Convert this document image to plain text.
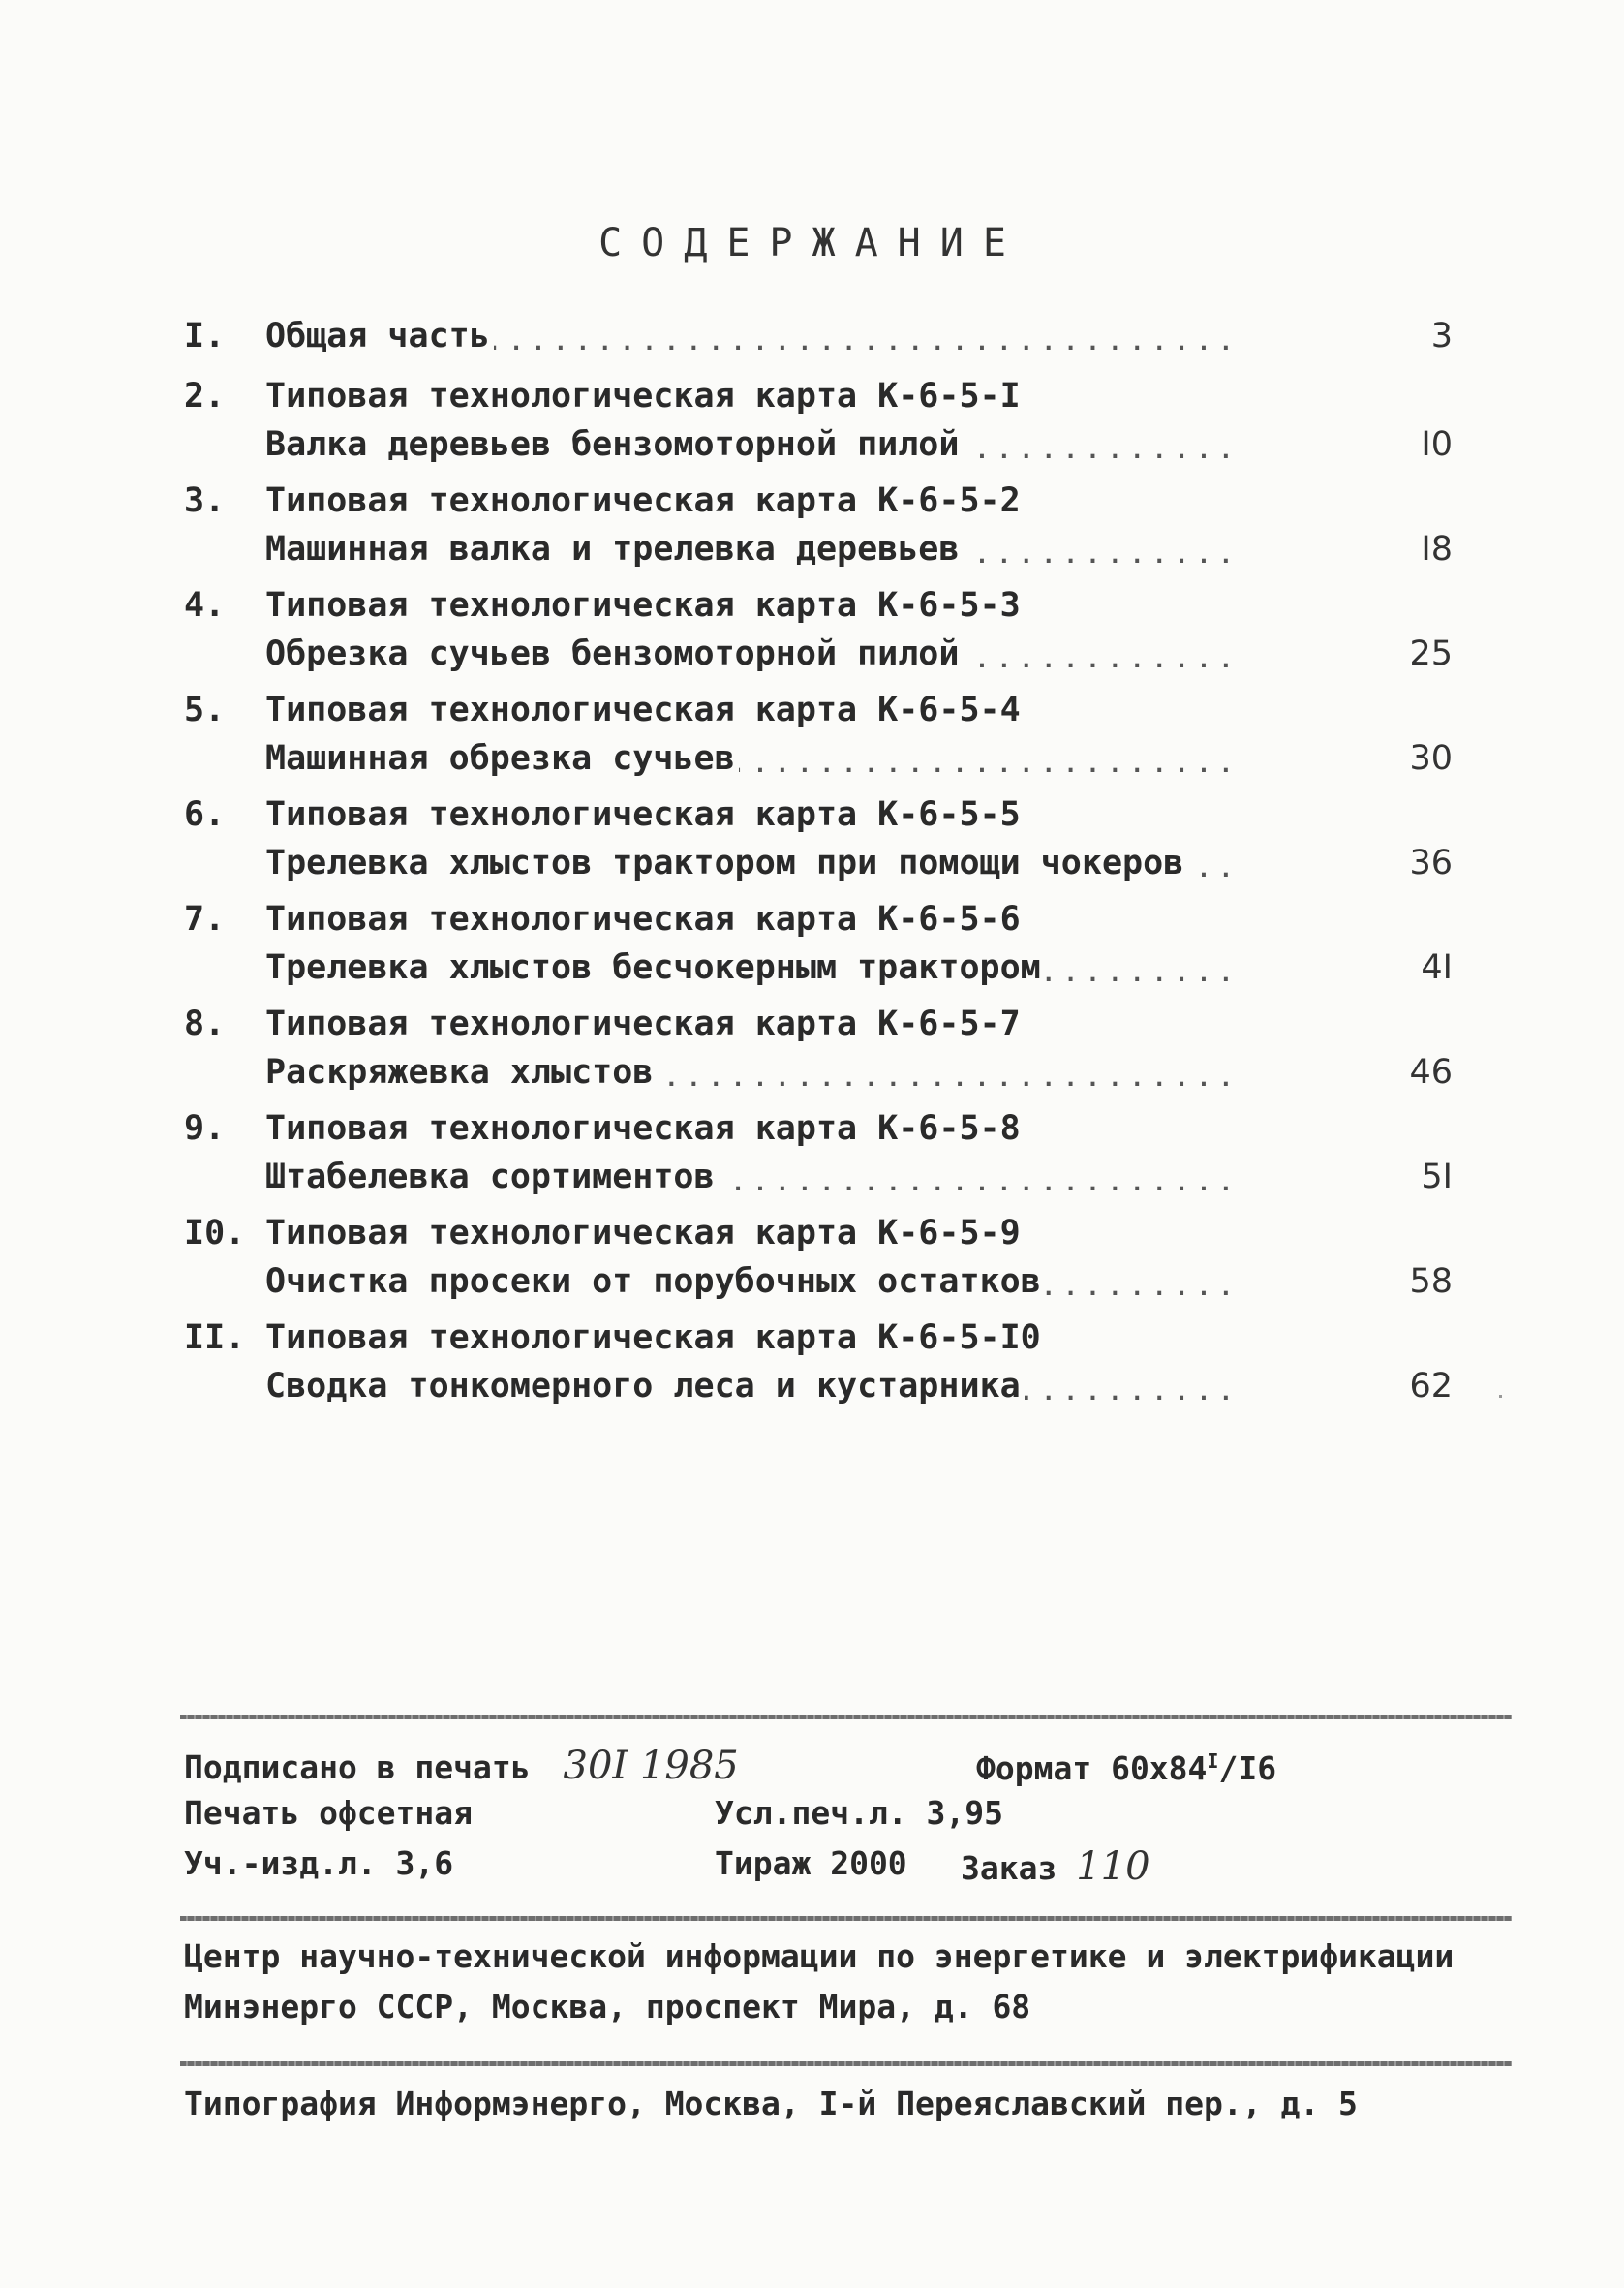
СОДЕРЖАНИЕ
I.	Общая часть . . .	3
2.	Типовая технологическая карта К-6-5-I
Валка деревьев бензомоторной пилой . . .	I0
3.	Типовая технологическая карта К-6-5-2
Машинная валка и трелевка деревьев . . .	I8
4.	Типовая технологическая карта К-6-5-3
Обрезка сучьев бензомоторной пилой . . .	25
5.	Типовая технологическая карта К-6-5-4
Машинная обрезка сучьев . . .	30
6.	Типовая технологическая карта К-6-5-5
Трелевка хлыстов трактором при помощи чокеров . . .	36
7.	Типовая технологическая карта К-6-5-6
Трелевка хлыстов бесчокерным трактором . . .	4I
8.	Типовая технологическая карта К-6-5-7
Раскряжевка хлыстов . . .	46
9.	Типовая технологическая карта К-6-5-8
Штабелевка сортиментов . . .	5I
I0. Типовая технологическая карта К-6-5-9
Очистка просеки от порубочных остатков . . .	58
II. Типовая технологическая карта К-6-5-I0
Сводка тонкомерного леса и кустарника . . .	62
Подписано в печать 30I 1985	Формат $60х84^I/I6$
Печать офсетная	Усл.печ.л. 3,95
Уч.-изд.л. 3,6	Тираж 2000 Заказ 110
Центр научно-технической информации по энергетике и электрификации
Минэнерго СССР, Москва, проспект Мира, д. 68
Типография Информэнерго, Москва, I-й Переяславский пер., д. 5
